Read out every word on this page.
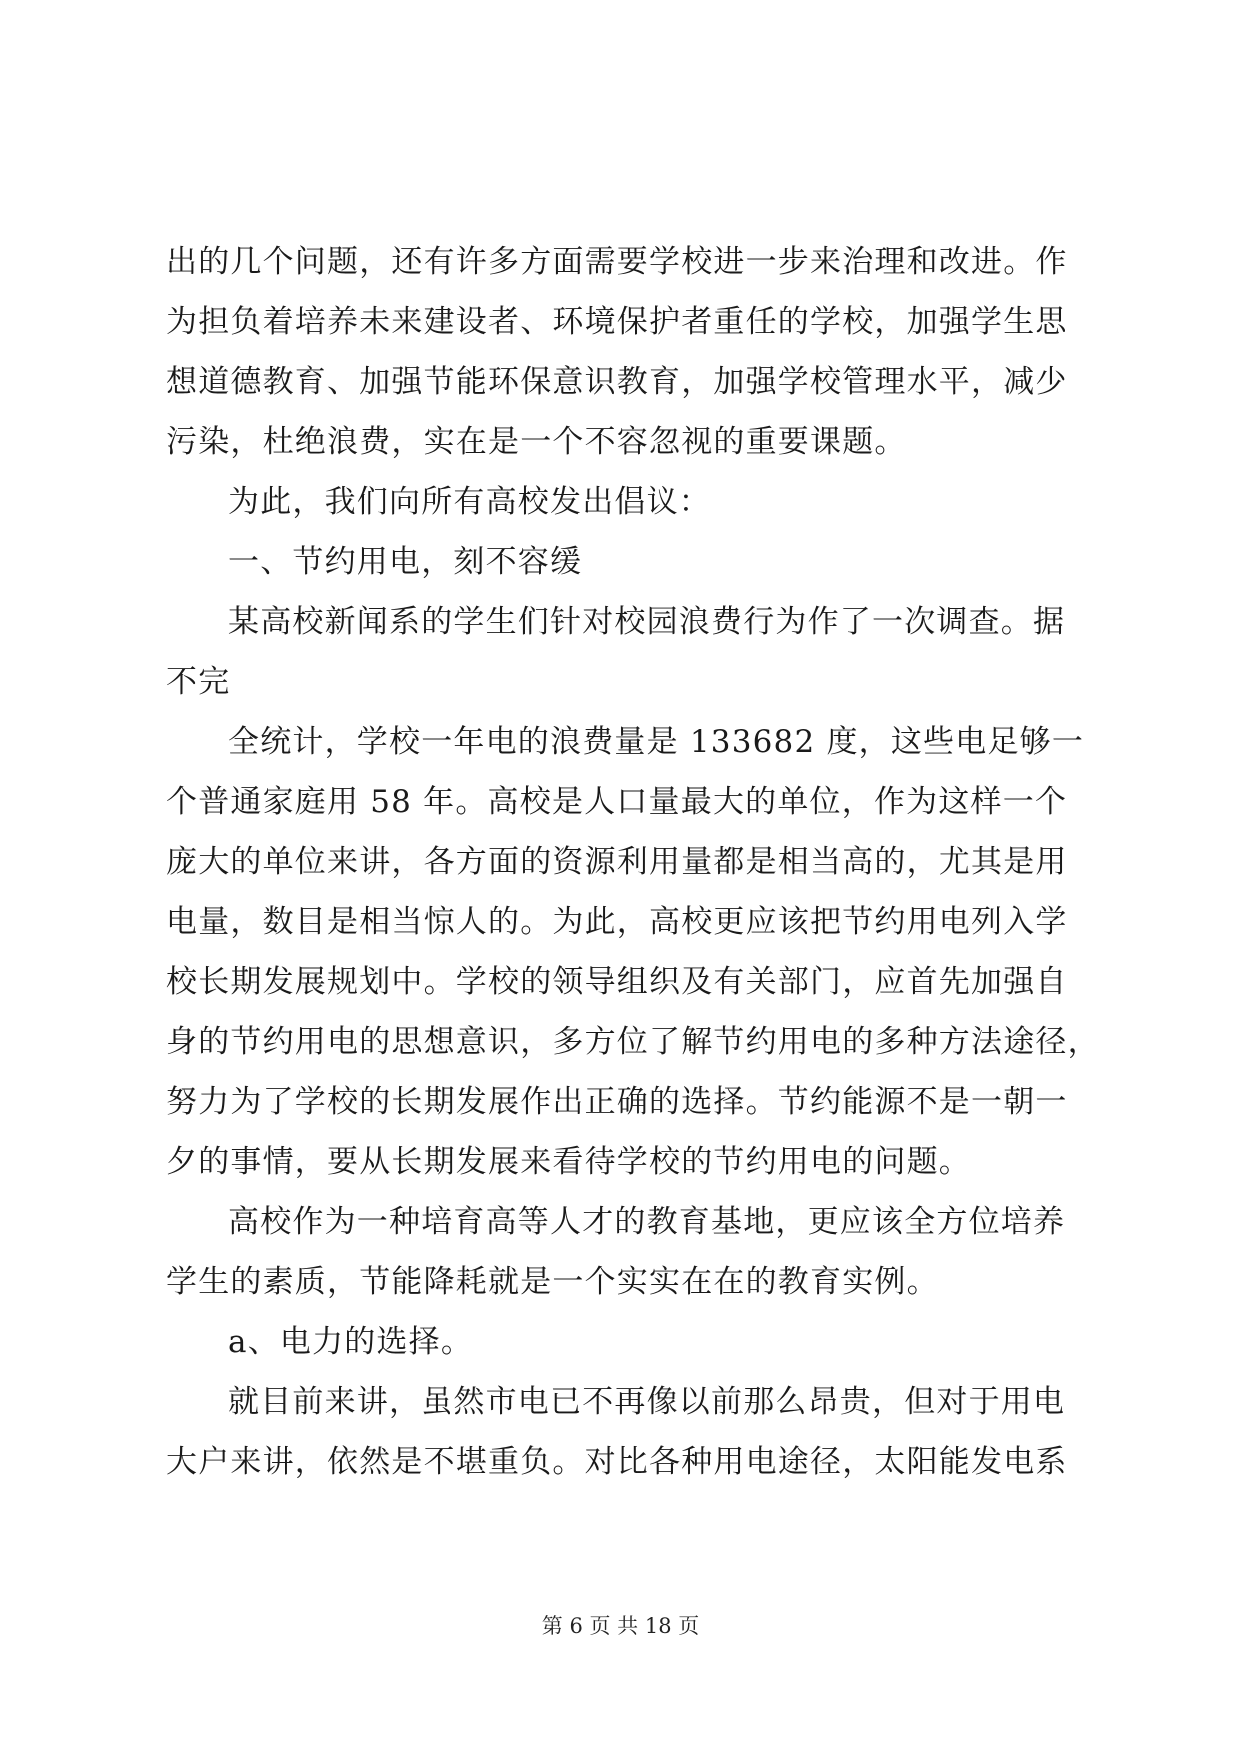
出的几个问题，还有许多方面需要学校进一步来治理和改进。作
为担负着培养未来建设者、环境保护者重任的学校，加强学生思
想道德教育、加强节能环保意识教育，加强学校管理水平，减少
污染，杜绝浪费，实在是一个不容忽视的重要课题。
为此，我们向所有高校发出倡议：
一、节约用电，刻不容缓
某高校新闻系的学生们针对校园浪费行为作了一次调查。据
不完
全统计，学校一年电的浪费量是 133682 度，这些电足够一
个普通家庭用 58 年。高校是人口量最大的单位，作为这样一个
庞大的单位来讲，各方面的资源利用量都是相当高的，尤其是用
电量，数目是相当惊人的。为此，高校更应该把节约用电列入学
校长期发展规划中。学校的领导组织及有关部门，应首先加强自
身的节约用电的思想意识，多方位了解节约用电的多种方法途径，
努力为了学校的长期发展作出正确的选择。节约能源不是一朝一
夕的事情，要从长期发展来看待学校的节约用电的问题。
高校作为一种培育高等人才的教育基地，更应该全方位培养
学生的素质，节能降耗就是一个实实在在的教育实例。
a、电力的选择。
就目前来讲，虽然市电已不再像以前那么昂贵，但对于用电
大户来讲，依然是不堪重负。对比各种用电途径，太阳能发电系
第 6 页 共 18 页
